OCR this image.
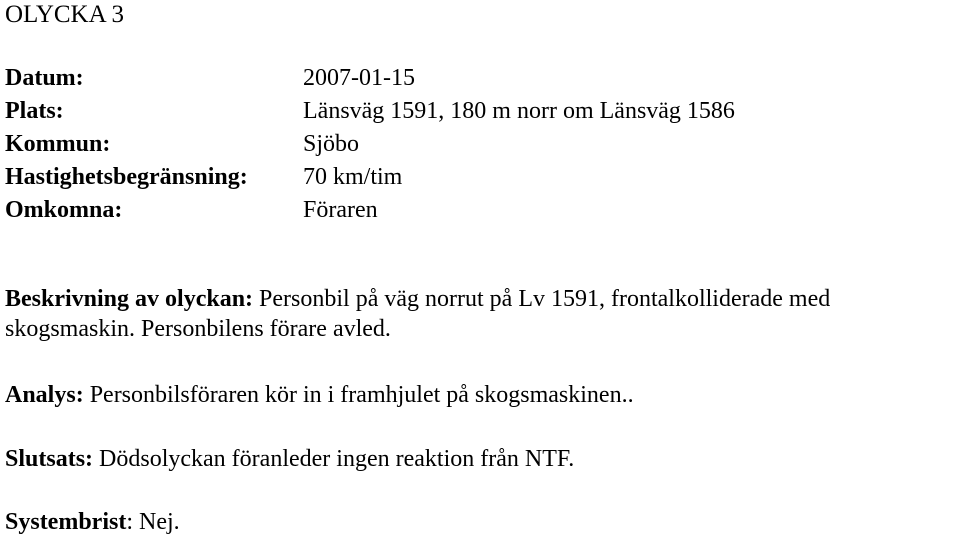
OLYCKA 3
Datum:	2007-01-15
Plats:	Länsväg 1591, 180 m norr om Länsväg 1586
Kommun:	Sjöbo
Hastighetsbegränsning: 70 km/tim
Omkomna:	Föraren
Beskrivning av olyckan: Personbil på väg norrut på Lv 1591, frontalkolliderade med
skogsmaskin. Personbilens förare avled.
Analys: Personbilsföraren kör in i framhjulet på skogsmaskinen..
Slutsats: Dödsolyckan föranleder ingen reaktion från NTF.
Systembrist: Nej.
